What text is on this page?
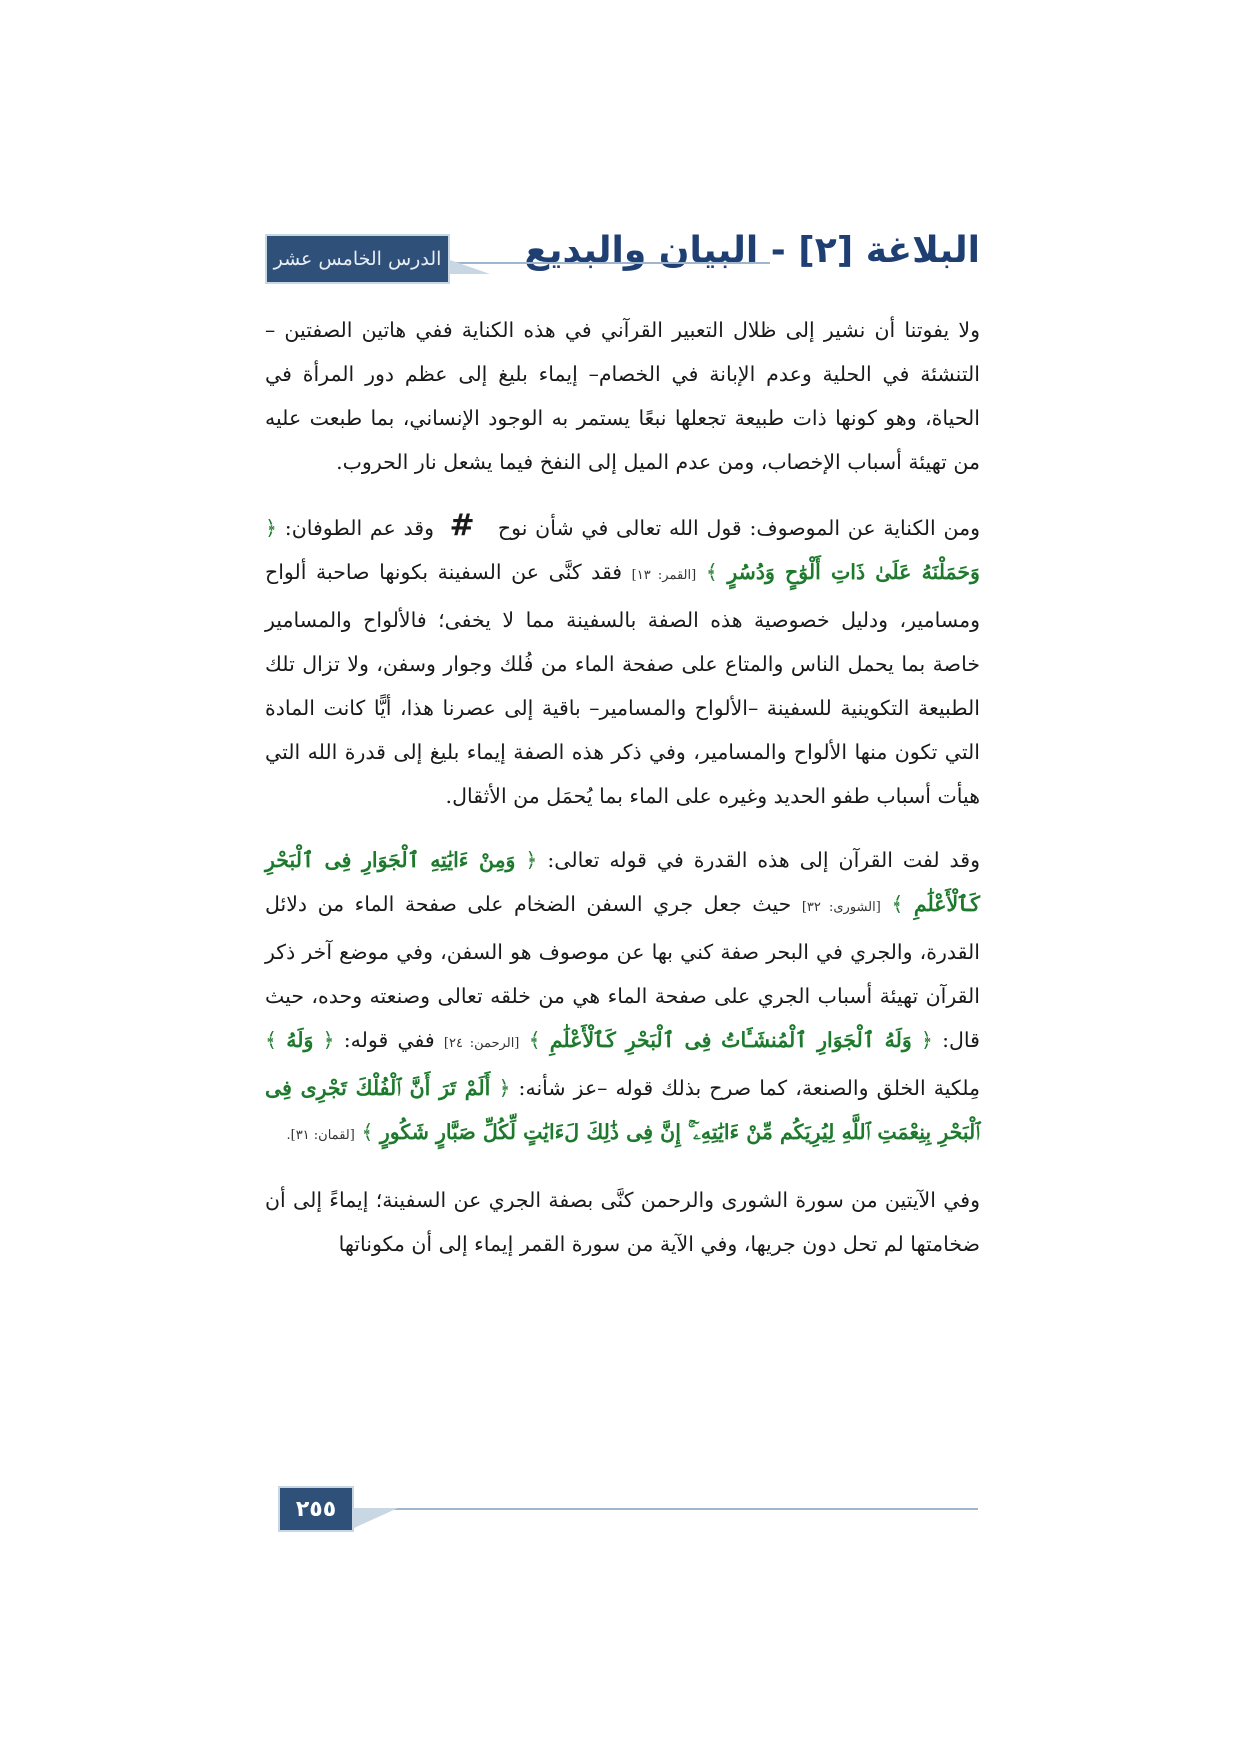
البلاغة [٢] - البيان والبديع
الدرس الخامس عشر

ولا يفوتنا أن نشير إلى ظلال التعبير القرآني في هذه الكناية ففي هاتين الصفتين – التنشئة في الحلية وعدم الإبانة في الخصام– إيماء بليغ إلى عظم دور المرأة في الحياة، وهو كونها ذات طبيعة تجعلها نبعًا يستمر به الوجود الإنساني، بما طبعت عليه من تهيئة أسباب الإخصاب، ومن عدم الميل إلى النفخ فيما يشعل نار الحروب.

ومن الكناية عن الموصوف: قول الله تعالى في شأن نوح   #  وقد عم الطوفان: ﴿ وَحَمَلْنَهُ عَلَىٰ ذَاتِ أَلْوَٰحٍ وَدُسُرٍ ﴾ [القمر: ١٣] فقد كنَّى عن السفينة بكونها صاحبة ألواح ومسامير، ودليل خصوصية هذه الصفة بالسفينة مما لا يخفى؛ فالألواح والمسامير خاصة بما يحمل الناس والمتاع على صفحة الماء من فُلك وجوار وسفن، ولا تزال تلك الطبيعة التكوينية للسفينة –الألواح والمسامير– باقية إلى عصرنا هذا، أيًّا كانت المادة التي تكون منها الألواح والمسامير، وفي ذكر هذه الصفة إيماء بليغ إلى قدرة الله التي هيأت أسباب طفو الحديد وغيره على الماء بما يُحمَل من الأثقال.

وقد لفت القرآن إلى هذه القدرة في قوله تعالى: ﴿ وَمِنْ ءَايَٰتِهِ ٱلْجَوَارِ فِى ٱلْبَحْرِ كَٱلْأَعْلَٰمِ ﴾ [الشورى: ٣٢] حيث جعل جري السفن الضخام على صفحة الماء من دلائل القدرة، والجري في البحر صفة كني بها عن موصوف هو السفن، وفي موضع آخر ذكر القرآن تهيئة أسباب الجري على صفحة الماء هي من خلقه تعالى وصنعته وحده، حيث قال: ﴿ وَلَهُ ٱلْجَوَارِ ٱلْمُنشَـَٔاتُ فِى ٱلْبَحْرِ كَٱلْأَعْلَٰمِ ﴾ [الرحمن: ٢٤] ففي قوله: ﴿ وَلَهُ ﴾ مِلكية الخلق والصنعة، كما صرح بذلك قوله –عز شأنه: ﴿ أَلَمْ تَرَ أَنَّ ٱلْفُلْكَ تَجْرِى فِى ٱلْبَحْرِ بِنِعْمَتِ ٱللَّهِ لِيُرِيَكُم مِّنْ ءَايَٰتِهِۦٓ ۚ إِنَّ فِى ذَٰلِكَ لَءَايَٰتٍ لِّكُلِّ صَبَّارٍ شَكُورٍ ﴾ [لقمان: ٣١].

وفي الآيتين من سورة الشورى والرحمن كنَّى بصفة الجري عن السفينة؛ إيماءً إلى أن ضخامتها لم تحل دون جريها، وفي الآية من سورة القمر إيماء إلى أن مكوناتها

٢٥٥
